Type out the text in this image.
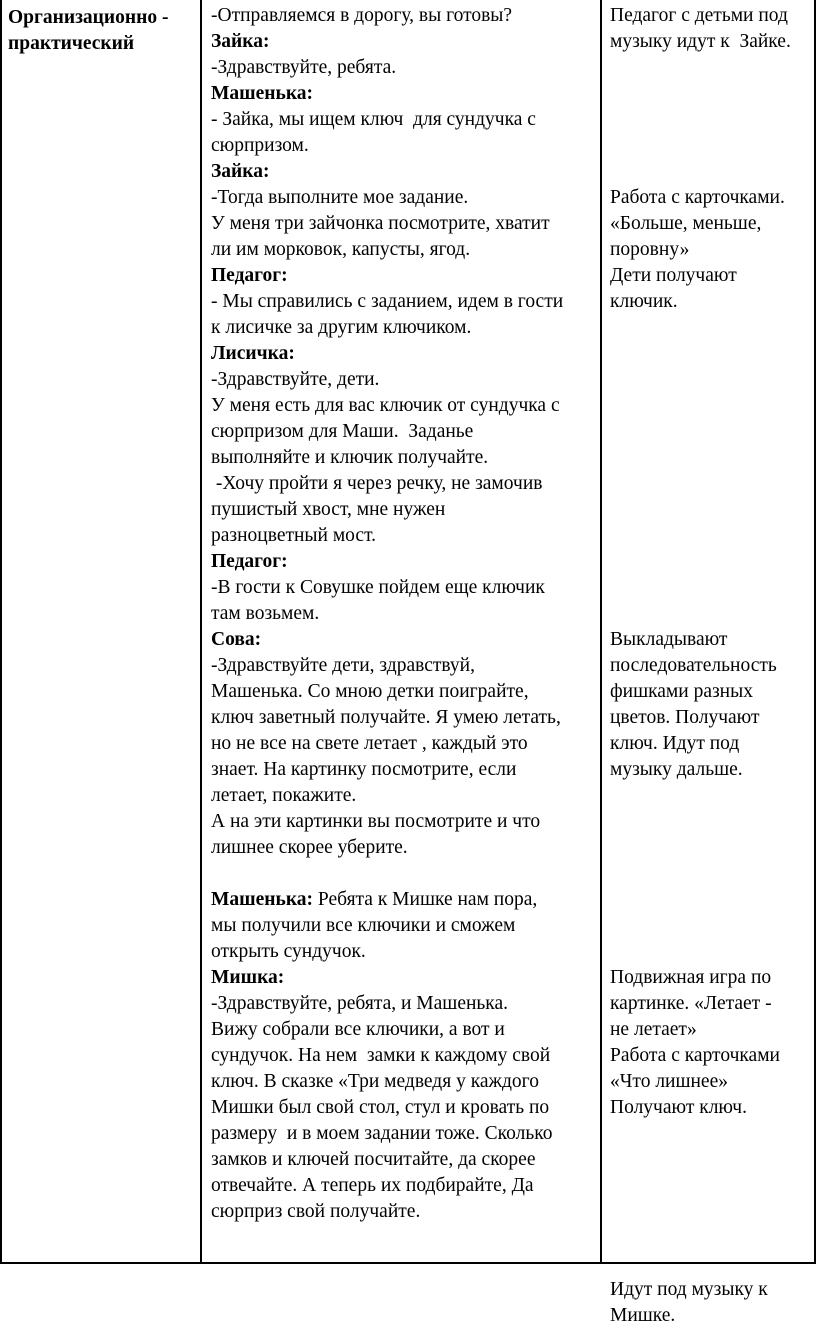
Организационно -
практический
-Отправляемся в дорогу, вы готовы?
Зайка:
-Здравствуйте, ребята.
Машенька:
- Зайка, мы ищем ключ  для сундучка с
сюрпризом.
Зайка:
-Тогда выполните мое задание.
У меня три зайчонка посмотрите, хватит
ли им морковок, капусты, ягод.
Педагог:
- Мы справились с заданием, идем в гости
к лисичке за другим ключиком.
Лисичка:
-Здравствуйте, дети.
У меня есть для вас ключик от сундучка с
сюрпризом для Маши.  Заданье
выполняйте и ключик получайте.
-Хочу пройти я через речку, не замочив
пушистый хвост, мне нужен
разноцветный мост.
Педагог:
-В гости к Совушке пойдем еще ключик
там возьмем.
Сова:
-Здравствуйте дети, здравствуй,
Машенька. Со мною детки поиграйте,
ключ заветный получайте. Я умею летать,
но не все на свете летает , каждый это
знает. На картинку посмотрите, если
летает, покажите.
А на эти картинки вы посмотрите и что
лишнее скорее уберите.
Машенька: Ребята к Мишке нам пора,
мы получили все ключики и сможем
открыть сундучок.
Мишка:
-Здравствуйте, ребята, и Машенька.
Вижу собрали все ключики, а вот и
сундучок. На нем  замки к каждому свой
ключ. В сказке «Три медведя у каждого
Мишки был свой стол, стул и кровать по
размеру  и в моем задании тоже. Сколько
замков и ключей посчитайте, да скорее
отвечайте. А теперь их подбирайте, Да
сюрприз свой получайте.
Педагог с детьми под
музыку идут к  Зайке.
Работа с карточками.
«Больше, меньше,
поровну»
Дети получают
ключик.
Выкладывают
последовательность
фишками разных
цветов. Получают
ключ. Идут под
музыку дальше.
Подвижная игра по
картинке. «Летает -
не летает»
Работа с карточками
«Что лишнее»
Получают ключ.
Идут под музыку к
Мишке.
